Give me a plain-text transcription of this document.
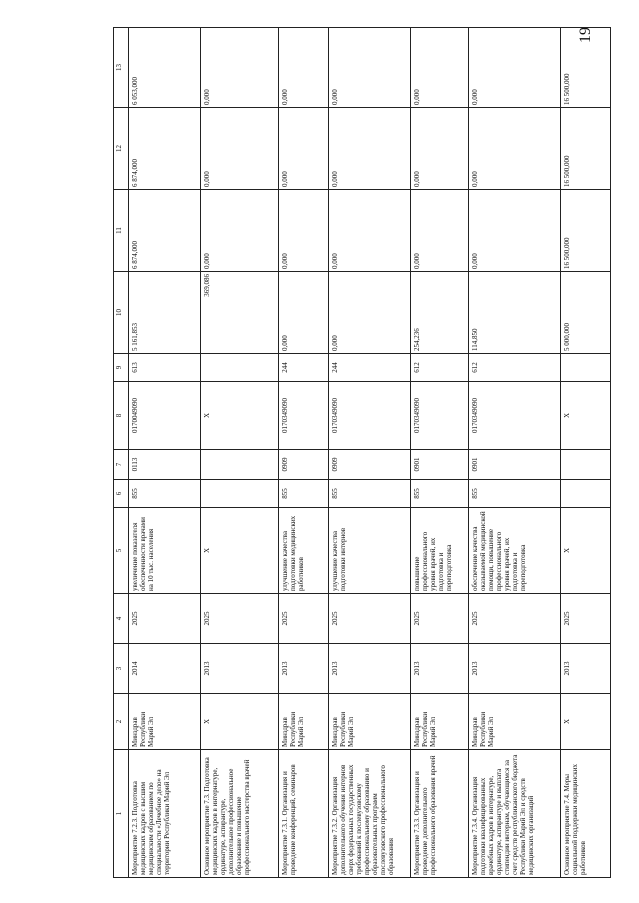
19
1	2	3	4	5	6	7	8	9	10	11	12	13
Мероприятие 7.2.3. Подготовка медицинских кадров с высшим медицинским образованием по специальности «Лечебное дело» на территории Республики Марий Эл	Минздрав Республики Марий Эл	2014	2025	увеличение показателя обеспеченности врачами на 10 тыс. населения	855	0113	0170049090	613	5 161,853	6 874,000	6 874,000	6 053,000
Основное мероприятие 7.3. Подготовка медицинских кадров в интернатуре, ординатуре, аспирантуре, дополнительное профессиональное образование и повышение профессионального мастерства врачей	Х	2013	2025	Х			Х		369,086	0,000	0,000	0,000
Мероприятие 7.3.1. Организация и проведение конференций, семинаров	Минздрав Республики Марий Эл	2013	2025	улучшение качества подготовки медицинских работников	855	0909	0170349090	244	0,000	0,000	0,000	0,000
Мероприятие 7.3.2. Организация дополнительного обучения интернов сверх федеральных государственных требований к послевузовскому профессиональному образованию и образовательных программ послевузовского профессионального образования	Минздрав Республики Марий Эл	2013	2025	улучшение качества подготовки интернов	855	0909	0170349090	244	0,000	0,000	0,000	0,000
Мероприятие 7.3.3. Организация и проведение дополнительного профессионального образования врачей	Минздрав Республики Марий Эл	2013	2025	повышение профессионального уровня врачей, их подготовка и переподготовка	855	0901	0170349090	612	254,236	0,000	0,000	0,000
Мероприятие 7.3.4. Организация подготовки квалифицированных врачебных кадров в интернатуре, ординатуре, аспирантуре и выплата стипендии интернам, обучающимся за счет средств республиканского бюджета Республики Марий Эл и средств медицинских организаций	Минздрав Республики Марий Эл	2013	2025	обеспечение качества оказываемой медицинской помощи, повышение профессионального уровня врачей, их подготовка и переподготовка	855	0901	0170349090	612	114,850	0,000	0,000	0,000
Основное мероприятие 7.4. Меры социальной поддержки медицинских работников	Х	2013	2025	Х			Х		5 000,000	16 500,000	16 500,000	16 500,000
